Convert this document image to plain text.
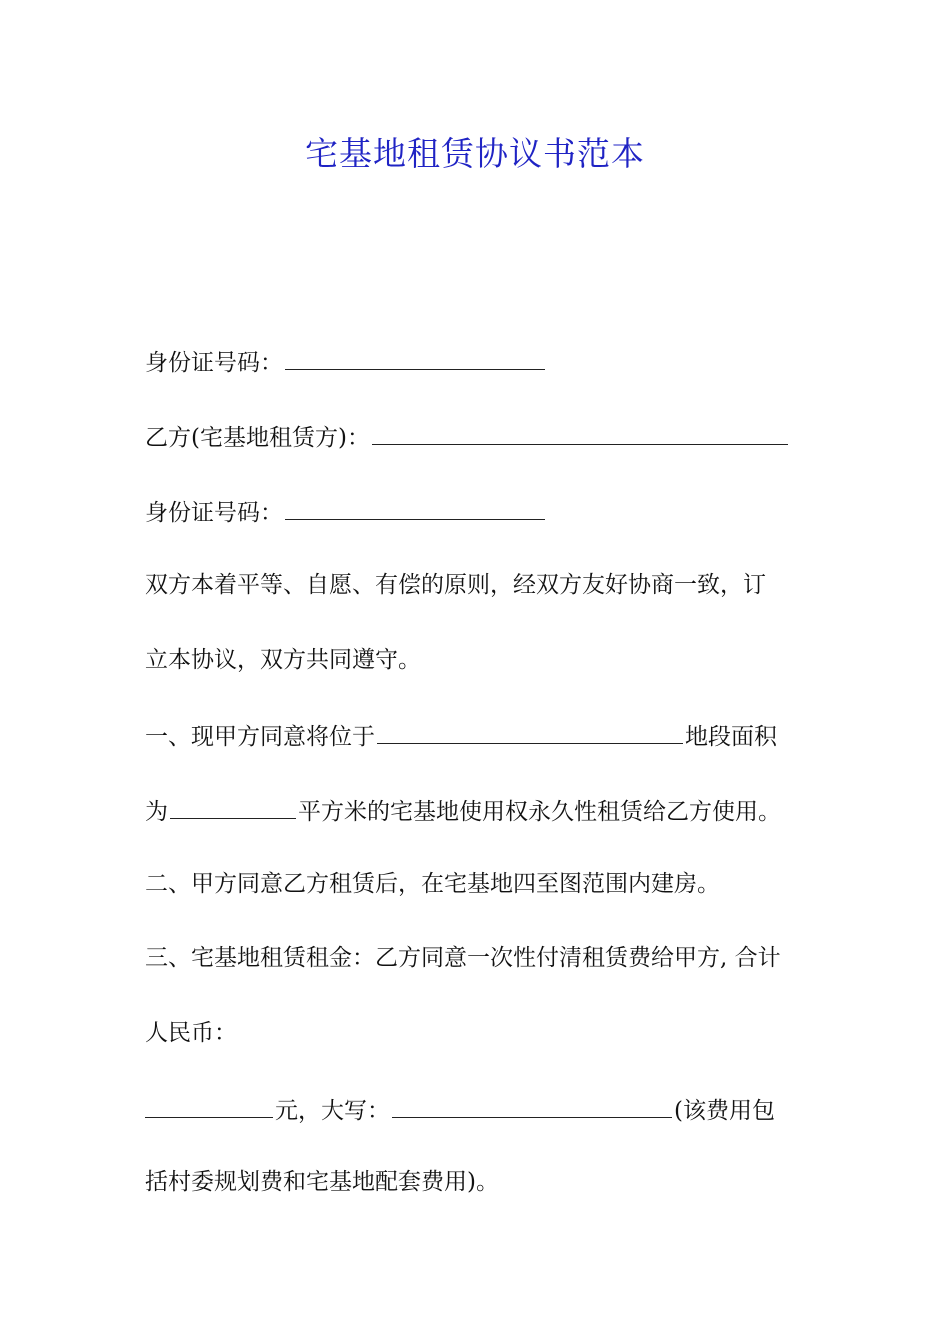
宅基地租赁协议书范本
身份证号码：
乙方(宅基地租赁方)：
身份证号码：
双方本着平等、自愿、有偿的原则，经双方友好协商一致，订
立本协议，双方共同遵守。
一、现甲方同意将位于	地段面积
为	平方米的宅基地使用权永久性租赁给乙方使用。
二、甲方同意乙方租赁后，在宅基地四至图范围内建房。
三、宅基地租赁租金：乙方同意一次性付清租赁费给甲方, 合计
人民币：
元，大写：	(该费用包
括村委规划费和宅基地配套费用)。
